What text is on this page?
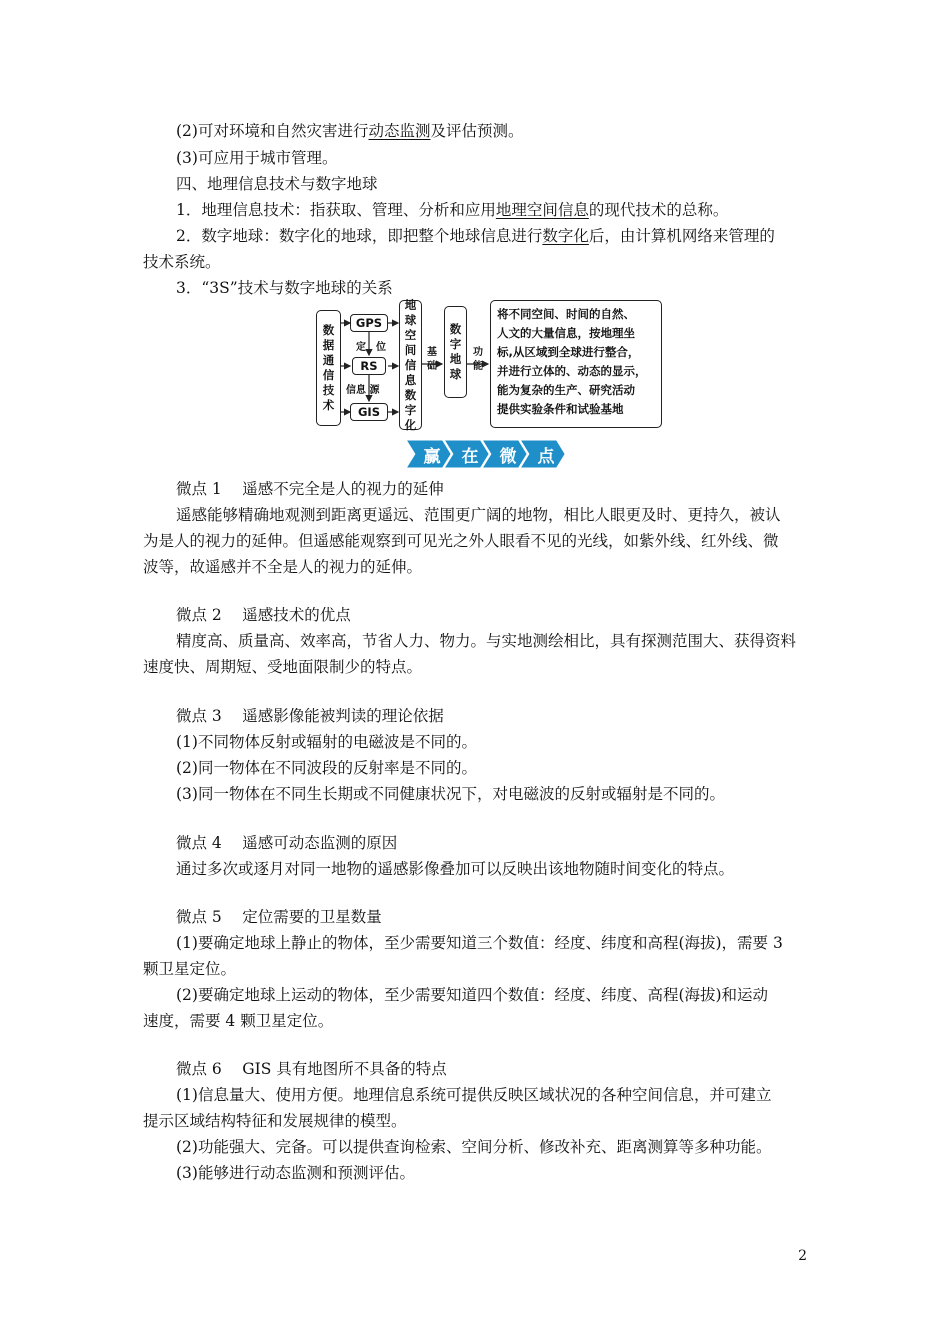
(2)可对环境和自然灾害进行动态监测及评估预测。
(3)可应用于城市管理。
四、地理信息技术与数字地球
1．地理信息技术：指获取、管理、分析和应用地理空间信息的现代技术的总称。
2．数字地球：数字化的地球，即把整个地球信息进行数字化后，由计算机网络来管理的
技术系统。
3．“3S”技术与数字地球的关系
数据通信技术
GPS
定　位
RS
信息 源
GIS
地球空间信息数字化
基础
数字地球
功能
将不同空间、时间的自然、
人文的大量信息，按地理坐
标,从区域到全球进行整合，
并进行立体的、动态的显示，
能为复杂的生产、研究活动
提供实验条件和试验基地
赢	在	微	点
微点 1　 遥感不完全是人的视力的延伸
遥感能够精确地观测到距离更遥远、范围更广阔的地物，相比人眼更及时、更持久，被认
为是人的视力的延伸。但遥感能观察到可见光之外人眼看不见的光线，如紫外线、红外线、微
波等，故遥感并不全是人的视力的延伸。
微点 2　 遥感技术的优点
精度高、质量高、效率高，节省人力、物力。与实地测绘相比，具有探测范围大、获得资料
速度快、周期短、受地面限制少的特点。
微点 3　 遥感影像能被判读的理论依据
(1)不同物体反射或辐射的电磁波是不同的。
(2)同一物体在不同波段的反射率是不同的。
(3)同一物体在不同生长期或不同健康状况下，对电磁波的反射或辐射是不同的。
微点 4　 遥感可动态监测的原因
通过多次或逐月对同一地物的遥感影像叠加可以反映出该地物随时间变化的特点。
微点 5　 定位需要的卫星数量
(1)要确定地球上静止的物体，至少需要知道三个数值：经度、纬度和高程(海拔)，需要 3
颗卫星定位。
(2)要确定地球上运动的物体，至少需要知道四个数值：经度、纬度、高程(海拔)和运动
速度，需要 4 颗卫星定位。
微点 6　 GIS 具有地图所不具备的特点
(1)信息量大、使用方便。地理信息系统可提供反映区域状况的各种空间信息，并可建立
提示区域结构特征和发展规律的模型。
(2)功能强大、完备。可以提供查询检索、空间分析、修改补充、距离测算等多种功能。
(3)能够进行动态监测和预测评估。
2
